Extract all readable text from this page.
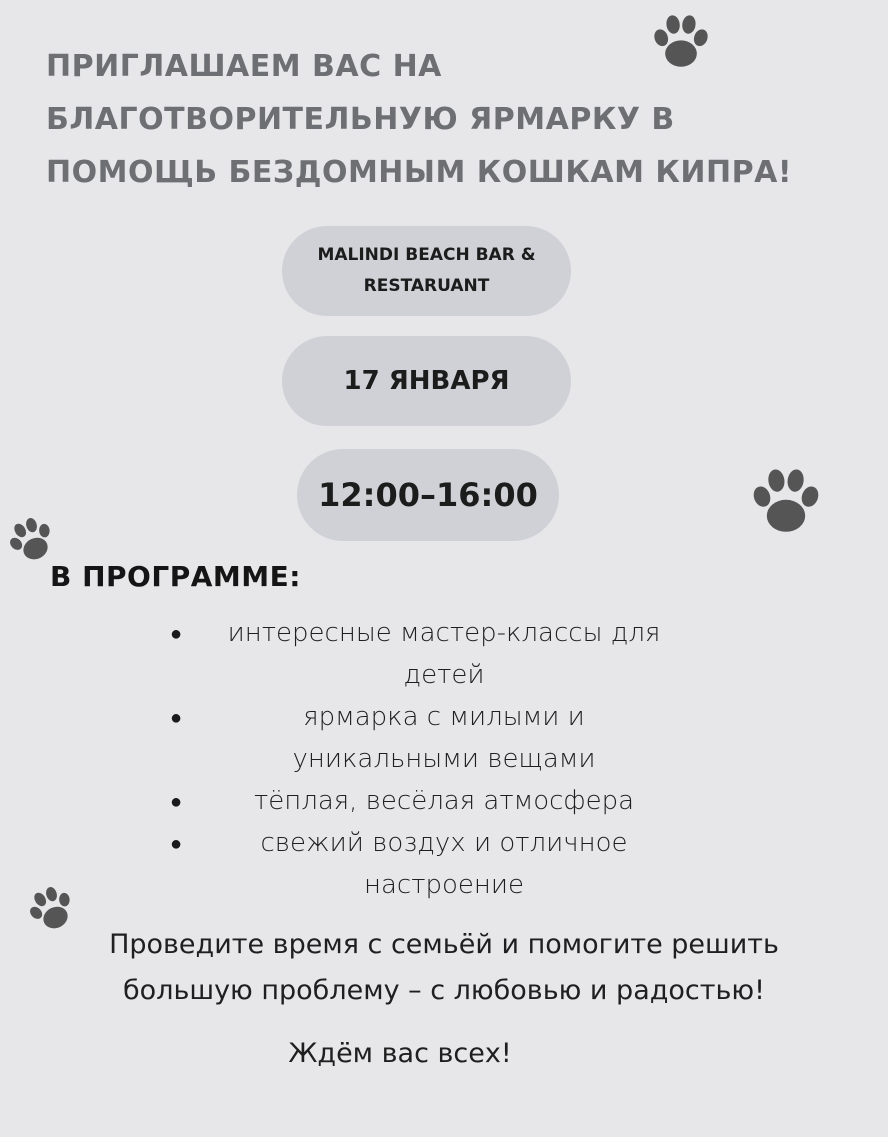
ПРИГЛАШАЕМ ВАС НА
БЛАГОТВОРИТЕЛЬНУЮ ЯРМАРКУ В
ПОМОЩЬ БЕЗДОМНЫМ КОШКАМ КИПРА!
MALINDI BEACH BAR &
RESTARUANT
17 ЯНВАРЯ
12:00–16:00
В ПРОГРАММЕ:
●	интересные мастер-классы для
детей
●	ярмарка с милыми и
уникальными вещами
●	тёплая, весёлая атмосфера
●	свежий воздух и отличное
настроение
Проведите время с семьёй и помогите решить
большую проблему – с любовью и радостью!
Ждём вас всех!
